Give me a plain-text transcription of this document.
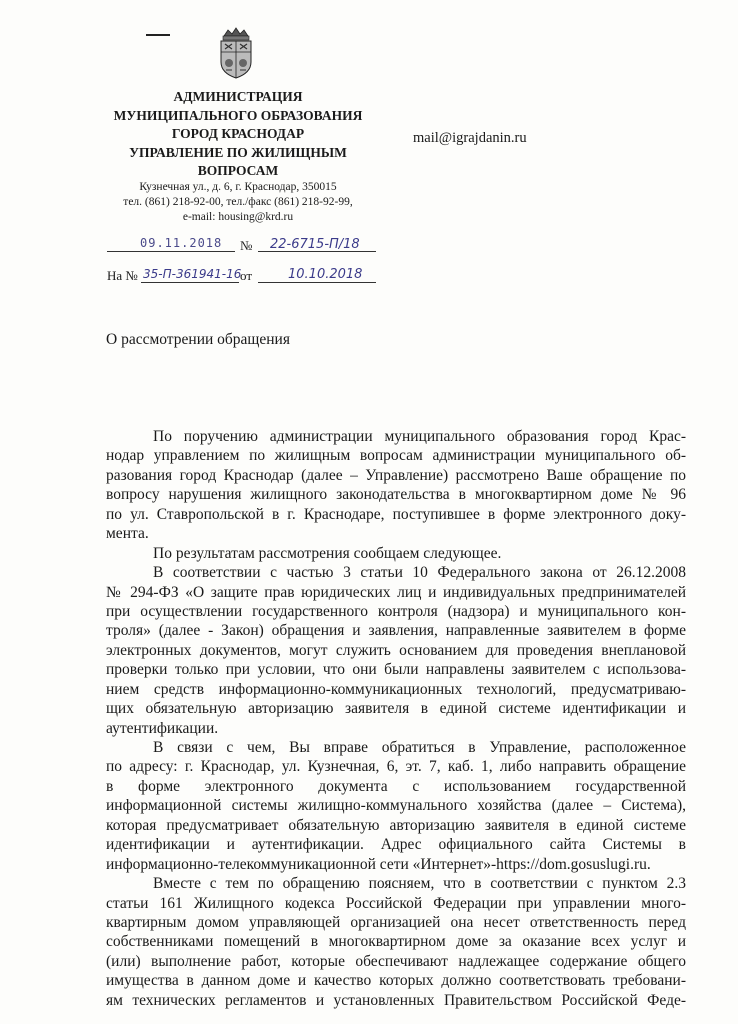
АДМИНИСТРАЦИЯ
МУНИЦИПАЛЬНОГО ОБРАЗОВАНИЯ
ГОРОД КРАСНОДАР
УПРАВЛЕНИЕ ПО ЖИЛИЩНЫМ
ВОПРОСАМ
Кузнечная ул., д. 6, г. Краснодар, 350015
тел. (861) 218-92-00, тел./факс (861) 218-92-99,
e-mail: housing@krd.ru
mail@igrajdanin.ru
09.11.2018 № 22-6715-П/18
На № 35-П-361941-16
от	10.10.2018
О рассмотрении обращения
По поручению администрации муниципального образования город Крас-
нодар управлением по жилищным вопросам администрации муниципального об-
разования город Краснодар (далее – Управление) рассмотрено Ваше обращение по
вопросу нарушения жилищного законодательства в многоквартирном доме № 96
по ул. Ставропольской в г. Краснодаре, поступившее в форме электронного доку-
мента.
По результатам рассмотрения сообщаем следующее.
В соответствии с частью 3 статьи 10 Федерального закона от 26.12.2008
№ 294-ФЗ «О защите прав юридических лиц и индивидуальных предпринимателей
при осуществлении государственного контроля (надзора) и муниципального кон-
троля» (далее - Закон) обращения и заявления, направленные заявителем в форме
электронных документов, могут служить основанием для проведения внеплановой
проверки только при условии, что они были направлены заявителем с использова-
нием средств информационно-коммуникационных технологий, предусматриваю-
щих обязательную авторизацию заявителя в единой системе идентификации и
аутентификации.
В связи с чем, Вы вправе обратиться в Управление, расположенное
по адресу: г. Краснодар, ул. Кузнечная, 6, эт. 7, каб. 1, либо направить обращение
в форме электронного документа с использованием государственной
информационной системы жилищно-коммунального хозяйства (далее – Система),
которая предусматривает обязательную авторизацию заявителя в единой системе
идентификации и аутентификации. Адрес официального сайта Системы в
информационно-телекоммуникационной сети «Интернет»-https://dom.gosuslugi.ru.
Вместе с тем по обращению поясняем, что в соответствии с пунктом 2.3
статьи 161 Жилищного кодекса Российской Федерации при управлении много-
квартирным домом управляющей организацией она несет ответственность перед
собственниками помещений в многоквартирном доме за оказание всех услуг и
(или) выполнение работ, которые обеспечивают надлежащее содержание общего
имущества в данном доме и качество которых должно соответствовать требовани-
ям технических регламентов и установленных Правительством Российской Феде-
